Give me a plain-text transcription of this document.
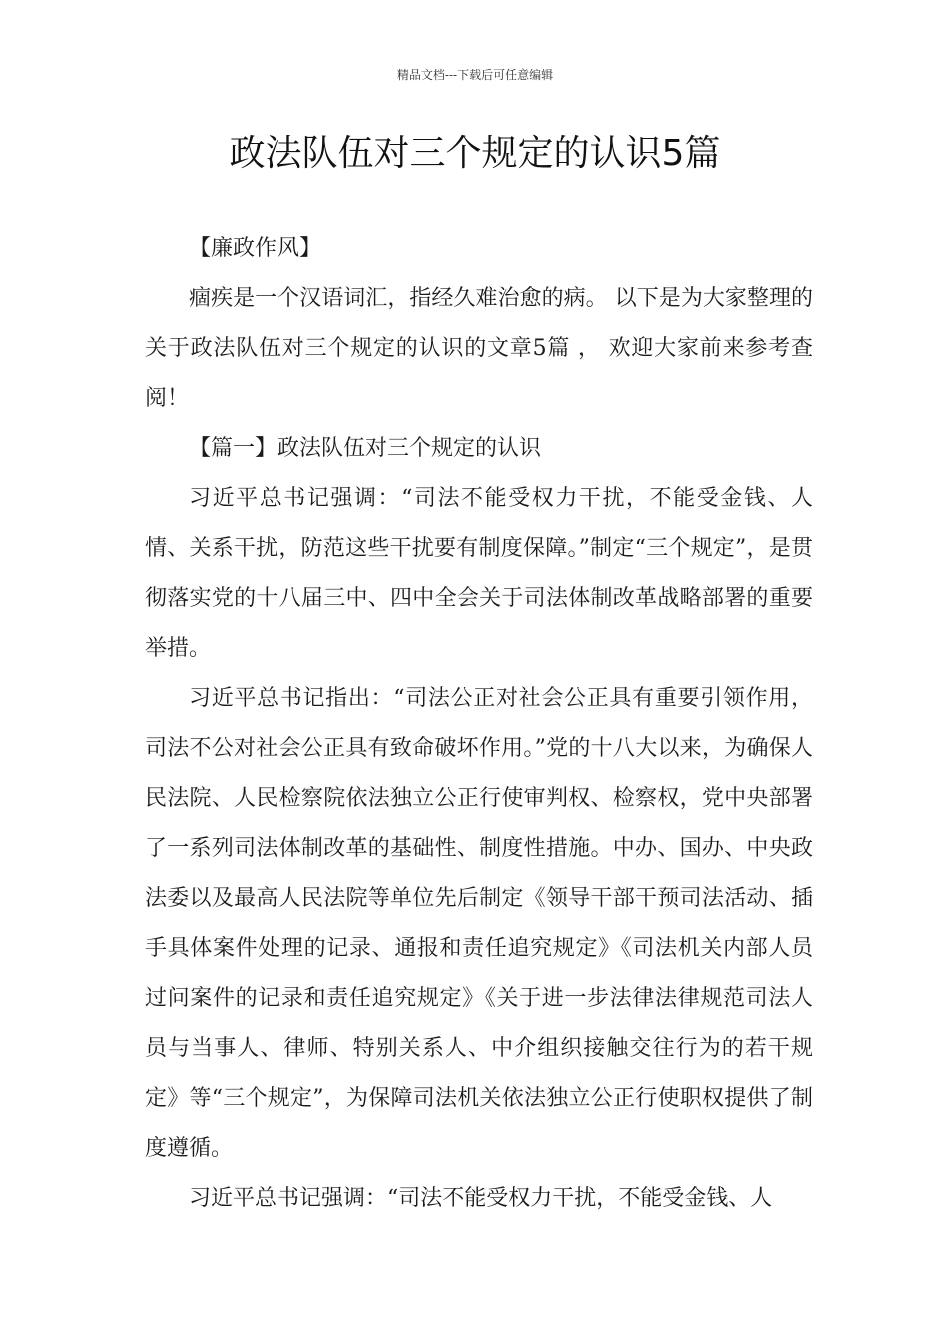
精品文档---下载后可任意编辑
政法队伍对三个规定的认识5篇

【廉政作风】

痼疾是一个汉语词汇，指经久难治愈的病。 以下是为大家整理的关于政法队伍对三个规定的认识的文章5篇 ， 欢迎大家前来参考查阅！

【篇一】政法队伍对三个规定的认识

习近平总书记强调：“司法不能受权力干扰，不能受金钱、人情、关系干扰，防范这些干扰要有制度保障。”制定“三个规定”，是贯彻落实党的十八届三中、四中全会关于司法体制改革战略部署的重要举措。

习近平总书记指出：“司法公正对社会公正具有重要引领作用，司法不公对社会公正具有致命破坏作用。”党的十八大以来，为确保人民法院、人民检察院依法独立公正行使审判权、检察权，党中央部署了一系列司法体制改革的基础性、制度性措施。中办、国办、中央政法委以及最高人民法院等单位先后制定《领导干部干预司法活动、插手具体案件处理的记录、通报和责任追究规定》《司法机关内部人员过问案件的记录和责任追究规定》《关于进一步法律法律规范司法人员与当事人、律师、特别关系人、中介组织接触交往行为的若干规定》等“三个规定”，为保障司法机关依法独立公正行使职权提供了制度遵循。

习近平总书记强调：“司法不能受权力干扰，不能受金钱、人
